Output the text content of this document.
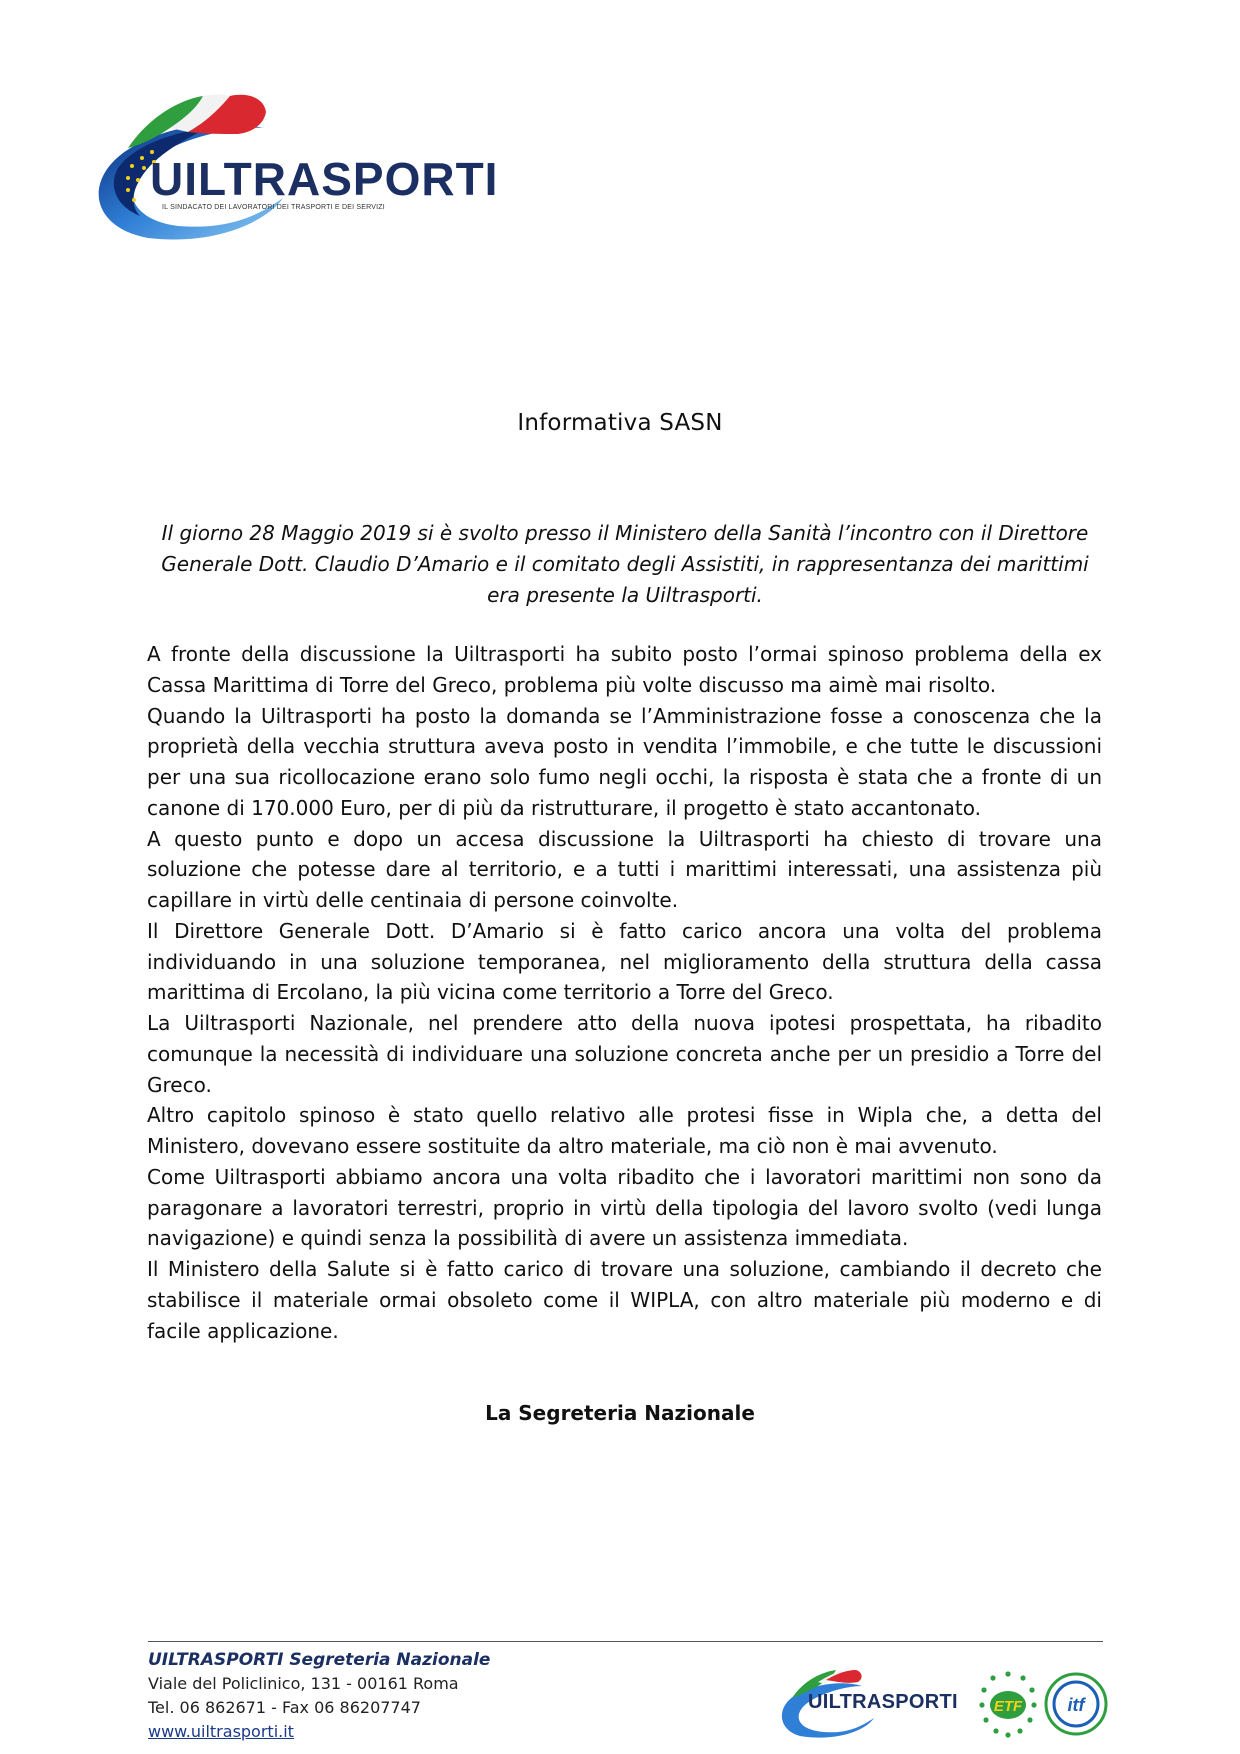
UILTRASPORTI
IL SINDACATO DEI LAVORATORI DEI TRASPORTI E DEI SERVIZI
Informativa SASN
Il giorno 28 Maggio 2019 si è svolto presso il Ministero della Sanità l’incontro con il Direttore Generale Dott. Claudio D’Amario e il comitato degli Assistiti, in rappresentanza dei marittimi era presente la Uiltrasporti.

A fronte della discussione la Uiltrasporti ha subito posto l’ormai spinoso problema della ex Cassa Marittima di Torre del Greco, problema più volte discusso ma aimè mai risolto.

Quando la Uiltrasporti ha posto la domanda se l’Amministrazione fosse a conoscenza che la proprietà della vecchia struttura aveva posto in vendita l’immobile, e che tutte le discussioni per una sua ricollocazione erano solo fumo negli occhi, la risposta è stata che a fronte di un canone di 170.000 Euro, per di più da ristrutturare, il progetto è stato accantonato.

A questo punto e dopo un accesa discussione la Uiltrasporti ha chiesto di trovare una soluzione che potesse dare al territorio, e a tutti i marittimi interessati, una assistenza più capillare in virtù delle centinaia di persone coinvolte.

Il Direttore Generale Dott. D’Amario si è fatto carico ancora una volta del problema individuando in una soluzione temporanea, nel miglioramento della struttura della cassa marittima di Ercolano, la più vicina come territorio a Torre del Greco.

La Uiltrasporti Nazionale, nel prendere atto della nuova ipotesi prospettata, ha ribadito comunque la necessità di individuare una soluzione concreta anche per un presidio a Torre del Greco.

Altro capitolo spinoso è stato quello relativo alle protesi fisse in Wipla che, a detta del Ministero, dovevano essere sostituite da altro materiale, ma ciò non è mai avvenuto.

Come Uiltrasporti abbiamo ancora una volta ribadito che i lavoratori marittimi non sono da paragonare a lavoratori terrestri, proprio in virtù della tipologia del lavoro svolto (vedi lunga navigazione) e quindi senza la possibilità di avere un assistenza immediata.

Il Ministero della Salute si è fatto carico di trovare una soluzione, cambiando il decreto che stabilisce il materiale ormai obsoleto come il WIPLA, con altro materiale più moderno e di facile applicazione.

La Segreteria Nazionale
UILTRASPORTI Segreteria Nazionale
Viale del Policlinico, 131 - 00161 Roma
Tel. 06 862671 - Fax 06 86207747
www.uiltrasporti.it
ETF	itf
UILTRASPORTI
